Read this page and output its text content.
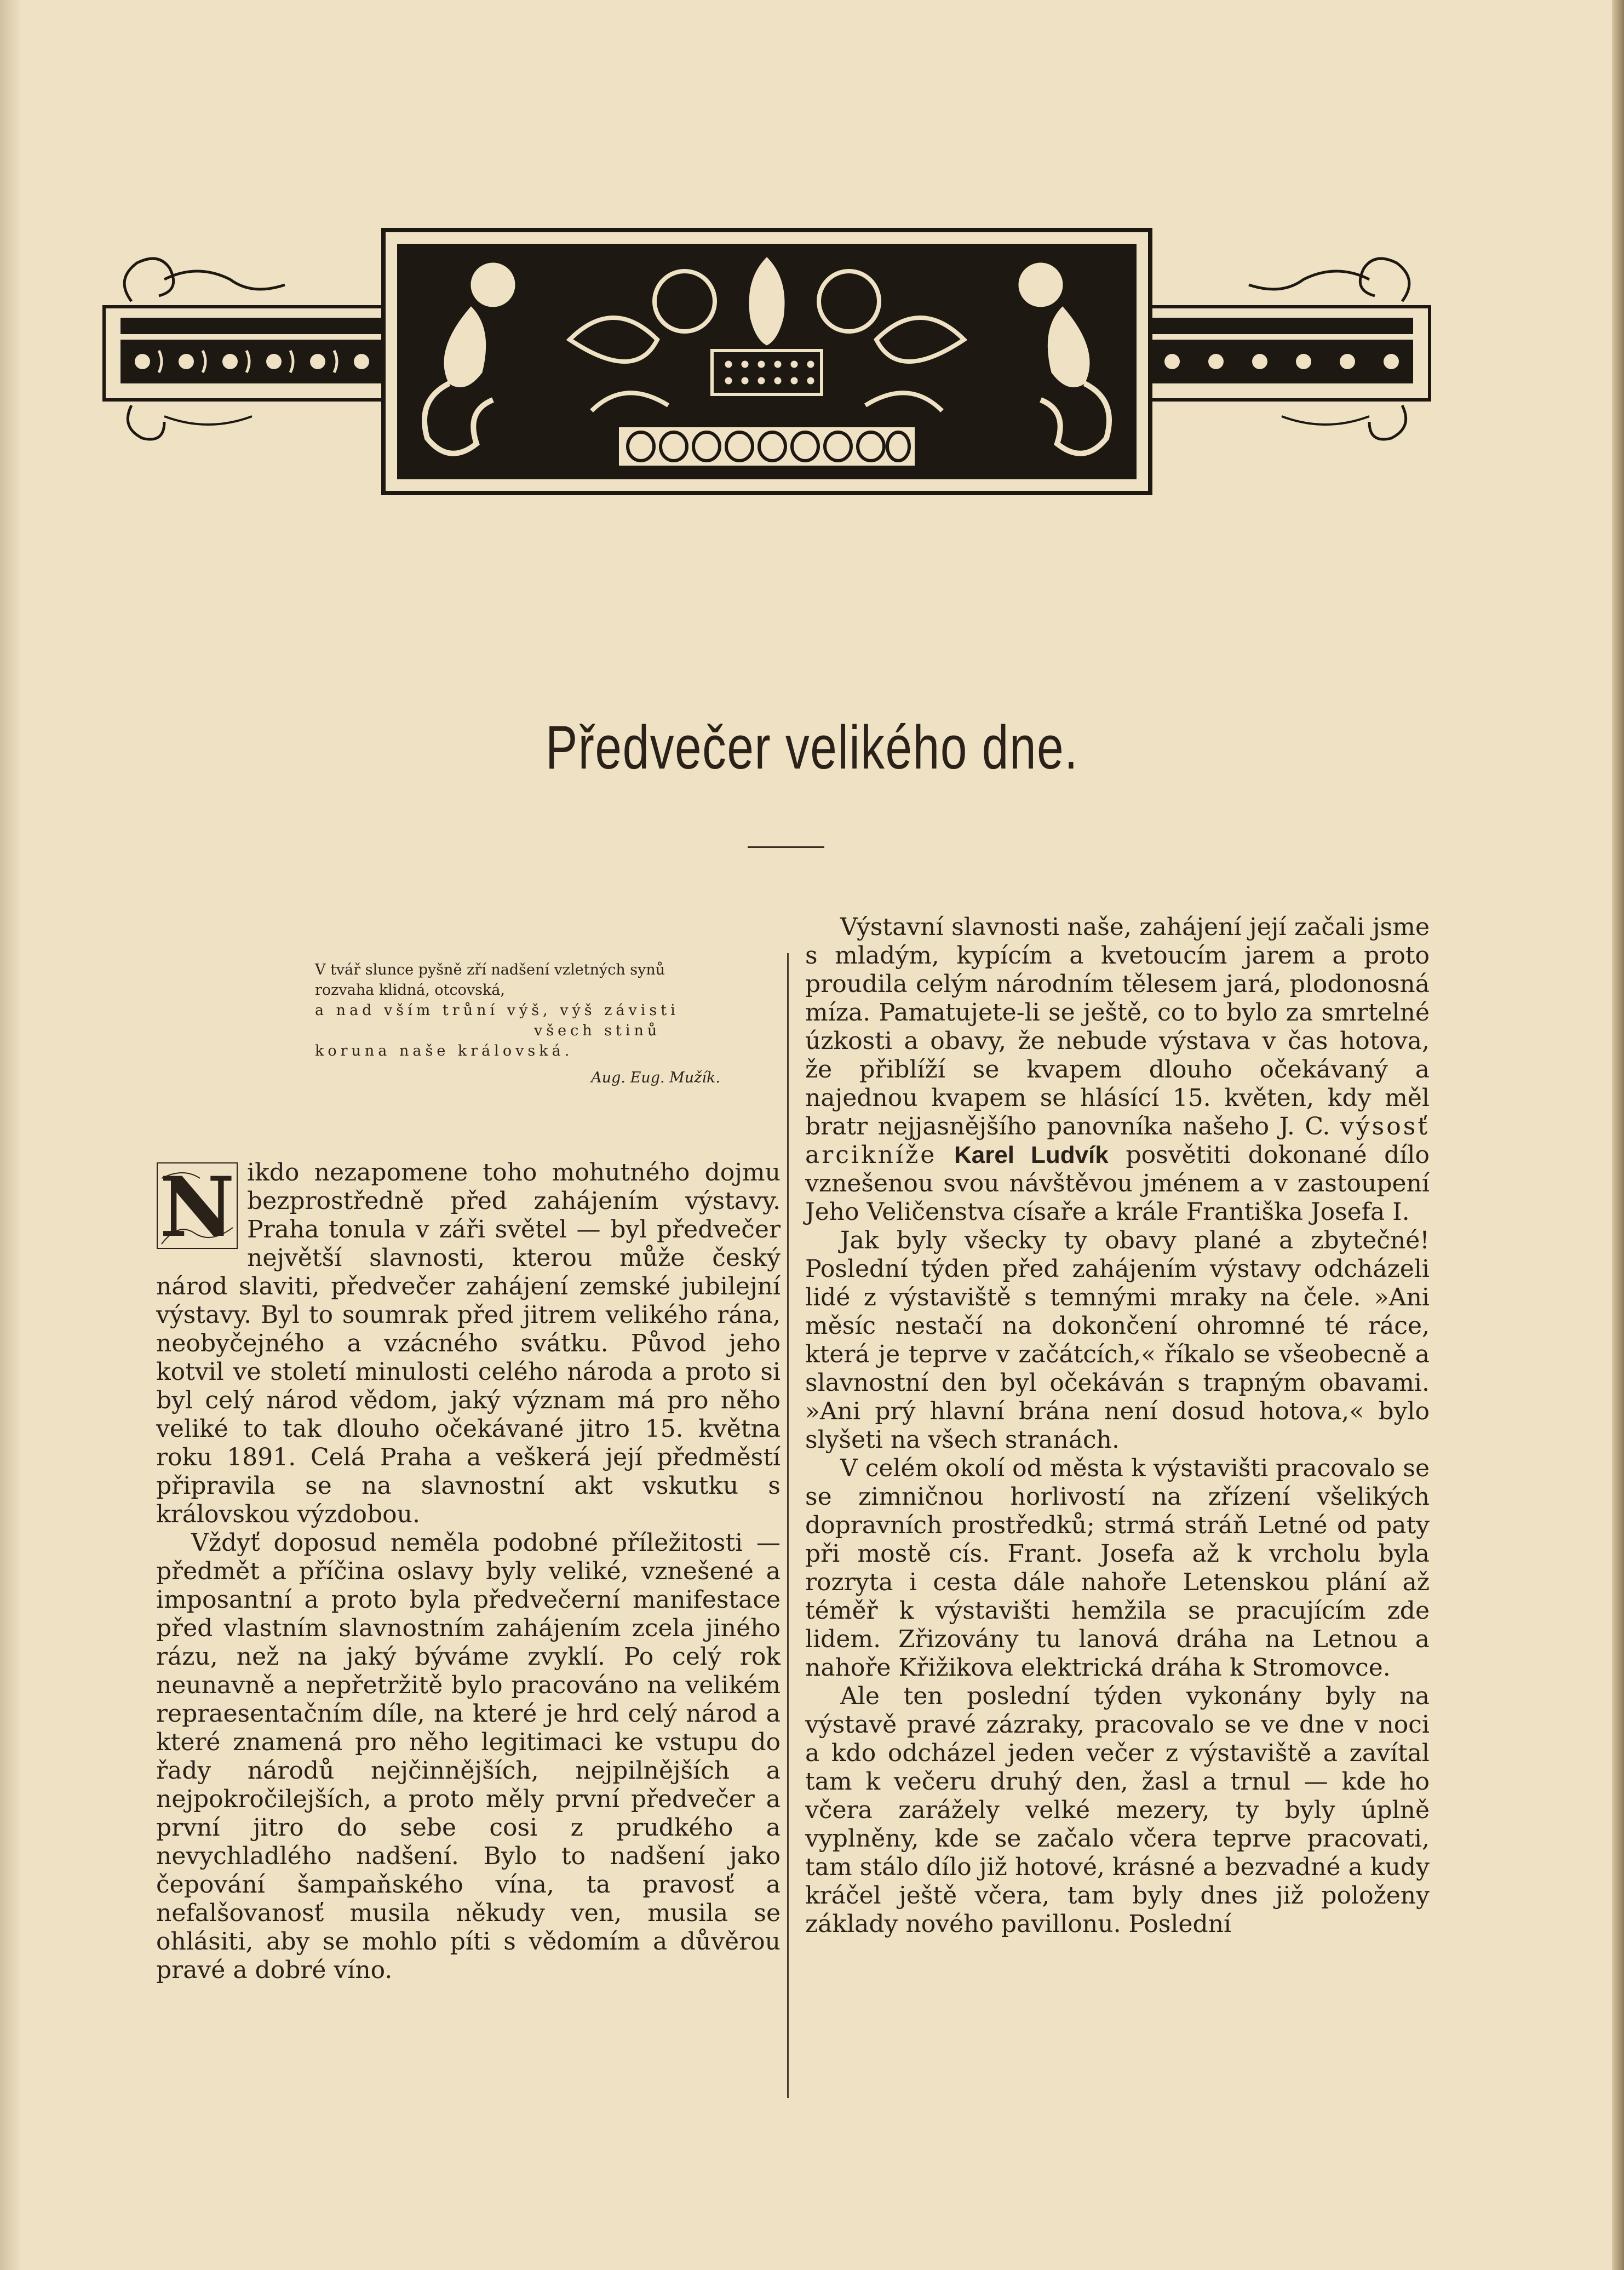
Předvečer velikého dne.
V tvář slunce pyšně zří nadšení vzletných synů
rozvaha klidná, otcovská,
a nad vším trůní výš, výš závisti
všech stinů
koruna naše královská.
Aug. Eug. Mužík.

N ikdo nezapomene toho mohutného dojmu bezprostředně před zahájením výstavy. Praha tonula v záři světel — byl předvečer největší slavnosti, kterou může český národ slaviti, předvečer zahájení zemské jubilejní výstavy. Byl to soumrak před jitrem velikého rána, neobyčejného a vzácného svátku. Původ jeho kotvil ve století minulosti celého národa a proto si byl celý národ vědom, jaký význam má pro něho veliké to tak dlouho očekávané jitro 15. května roku 1891. Celá Praha a veškerá její předměstí připravila se na slavnostní akt vskutku s královskou výzdobou.

Vždyť doposud neměla podobné příležitosti — předmět a příčina oslavy byly veliké, vznešené a imposantní a proto byla předvečerní manifestace před vlastním slavnostním zahájením zcela jiného rázu, než na jaký býváme zvyklí. Po celý rok neunavně a nepřetržitě bylo pracováno na velikém repraesentačním díle, na které je hrd celý národ a které znamená pro něho legitimaci ke vstupu do řady národů nejčinnějších, nejpilnějších a nejpokročilejších, a proto měly první předvečer a první jitro do sebe cosi z prudkého a nevychladlého nadšení. Bylo to nadšení jako čepování šampaňského vína, ta pravosť a nefalšovanosť musila někudy ven, musila se ohlásiti, aby se mohlo píti s vědomím a důvěrou pravé a dobré víno.

Výstavní slavnosti naše, zahájení její začali jsme s mladým, kypícím a kvetoucím jarem a proto proudila celým národním tělesem jará, plodonosná míza. Pamatujete-li se ještě, co to bylo za smrtelné úzkosti a obavy, že nebude výstava v čas hotova, že přiblíží se kvapem dlouho očekávaný a najednou kvapem se hlásící 15. květen, kdy měl bratr nejjasnějšího panovníka našeho J. C. výsosť arcikníže Karel Ludvík posvětiti dokonané dílo vznešenou svou návštěvou jménem a v zastoupení Jeho Veličenstva císaře a krále Františka Josefa I.

Jak byly všecky ty obavy plané a zbytečné! Poslední týden před zahájením výstavy odcházeli lidé z výstaviště s temnými mraky na čele. »Ani měsíc nestačí na dokončení ohromné té ráce, která je teprve v začátcích,« říkalo se všeobecně a slavnostní den byl očekáván s trapným obavami. »Ani prý hlavní brána není dosud hotova,« bylo slyšeti na všech stranách.

V celém okolí od města k výstavišti pracovalo se se zimničnou horlivostí na zřízení všelikých dopravních prostředků; strmá stráň Letné od paty při mostě cís. Frant. Josefa až k vrcholu byla rozryta i cesta dále nahoře Letenskou plání až téměř k výstavišti hemžila se pracujícím zde lidem. Zřizovány tu lanová dráha na Letnou a nahoře Křižikova elektrická dráha k Stromovce.

Ale ten poslední týden vykonány byly na výstavě pravé zázraky, pracovalo se ve dne v noci a kdo odcházel jeden večer z výstaviště a zavítal tam k večeru druhý den, žasl a trnul — kde ho včera zarážely velké mezery, ty byly úplně vyplněny, kde se začalo včera teprve pracovati, tam stálo dílo již hotové, krásné a bezvadné a kudy kráčel ještě včera, tam byly dnes již položeny základy nového pavillonu. Poslední
